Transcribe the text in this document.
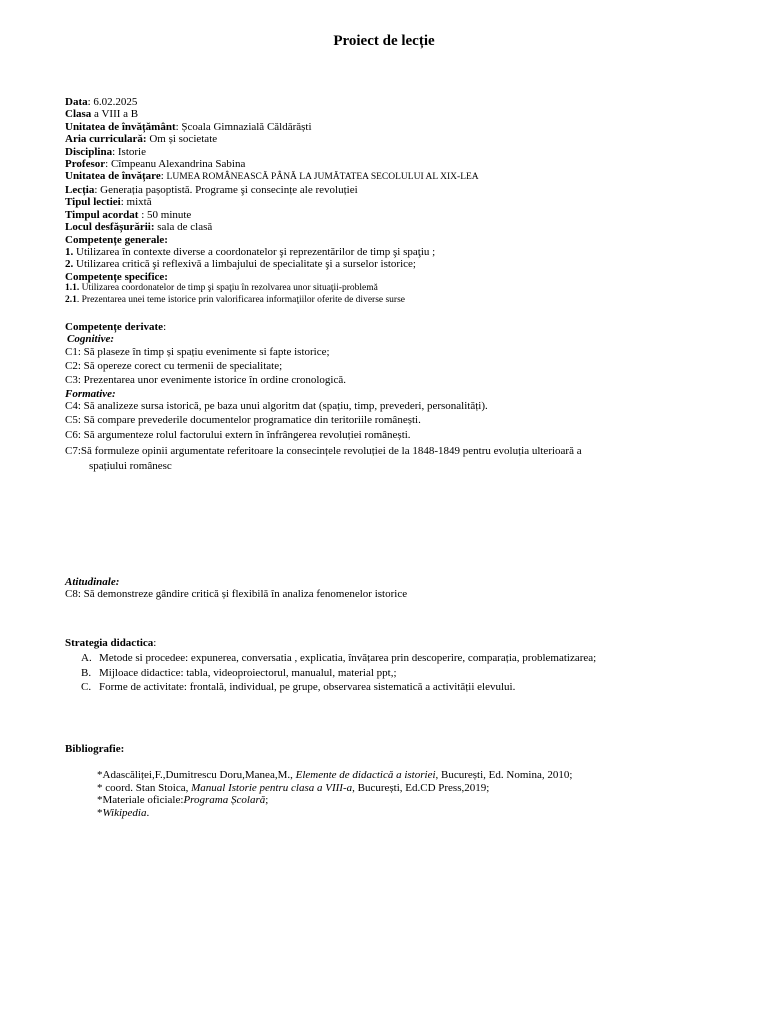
Proiect de lecție
Data: 6.02.2025
Clasa a VIII a B
Unitatea de învățământ: Școala Gimnazială Căldărăști
Aria curriculară: Om și societate
Disciplina: Istorie
Profesor: Cîmpeanu Alexandrina Sabina
Unitatea de învățare: LUMEA ROMÂNEASCĂ PÂNĂ LA JUMĂTATEA SECOLULUI AL XIX-LEA
Lecția: Generația pașoptistă. Programe şi consecințe ale revoluției
Tipul lectiei: mixtă
Timpul acordat : 50 minute
Locul desfășurării: sala de clasă
Competențe generale:
1. Utilizarea în contexte diverse a coordonatelor şi reprezentărilor de timp şi spaţiu ;
2. Utilizarea critică şi reflexivă a limbajului de specialitate şi a surselor istorice;
Competențe specifice:
1.1. Utilizarea coordonatelor de timp şi spaţiu în rezolvarea unor situaţii-problemă
2.1. Prezentarea unei teme istorice prin valorificarea informaţiilor oferite de diverse surse
Competențe derivate:
Cognitive:
C1: Să plaseze în timp și spațiu evenimente si fapte istorice;
C2: Să opereze corect cu termenii de specialitate;
C3: Prezentarea unor evenimente istorice în ordine cronologică.
Formative:
C4: Să analizeze sursa istorică, pe baza unui algoritm dat (spațiu, timp, prevederi, personalități).
C5: Să compare prevederile documentelor programatice din teritoriile românești.
C6: Să argumenteze rolul factorului extern în înfrângerea revoluției românești.
C7:Să formuleze opinii argumentate referitoare la consecințele revoluției de la 1848-1849 pentru evoluția ulterioară a
spațiului românesc
Atitudinale:
C8: Să demonstreze gândire critică și flexibilă în analiza fenomenelor istorice
Strategia didactica:
A. Metode si procedee: expunerea, conversatia , explicatia, învățarea prin descoperire, comparația, problematizarea;
B. Mijloace didactice: tabla, videoproiectorul, manualul, material ppt,;
C. Forme de activitate: frontală, individual, pe grupe, observarea sistematică a activității elevului.
Bibliografie:
*Adascăliței,F.,Dumitrescu Doru,Manea,M., Elemente de didactică a istoriei, București, Ed. Nomina, 2010;
* coord. Stan Stoica, Manual Istorie pentru clasa a VIII-a, București, Ed.CD Press,2019;
*Materiale oficiale:Programa Școlară;
*Wikipedia.
